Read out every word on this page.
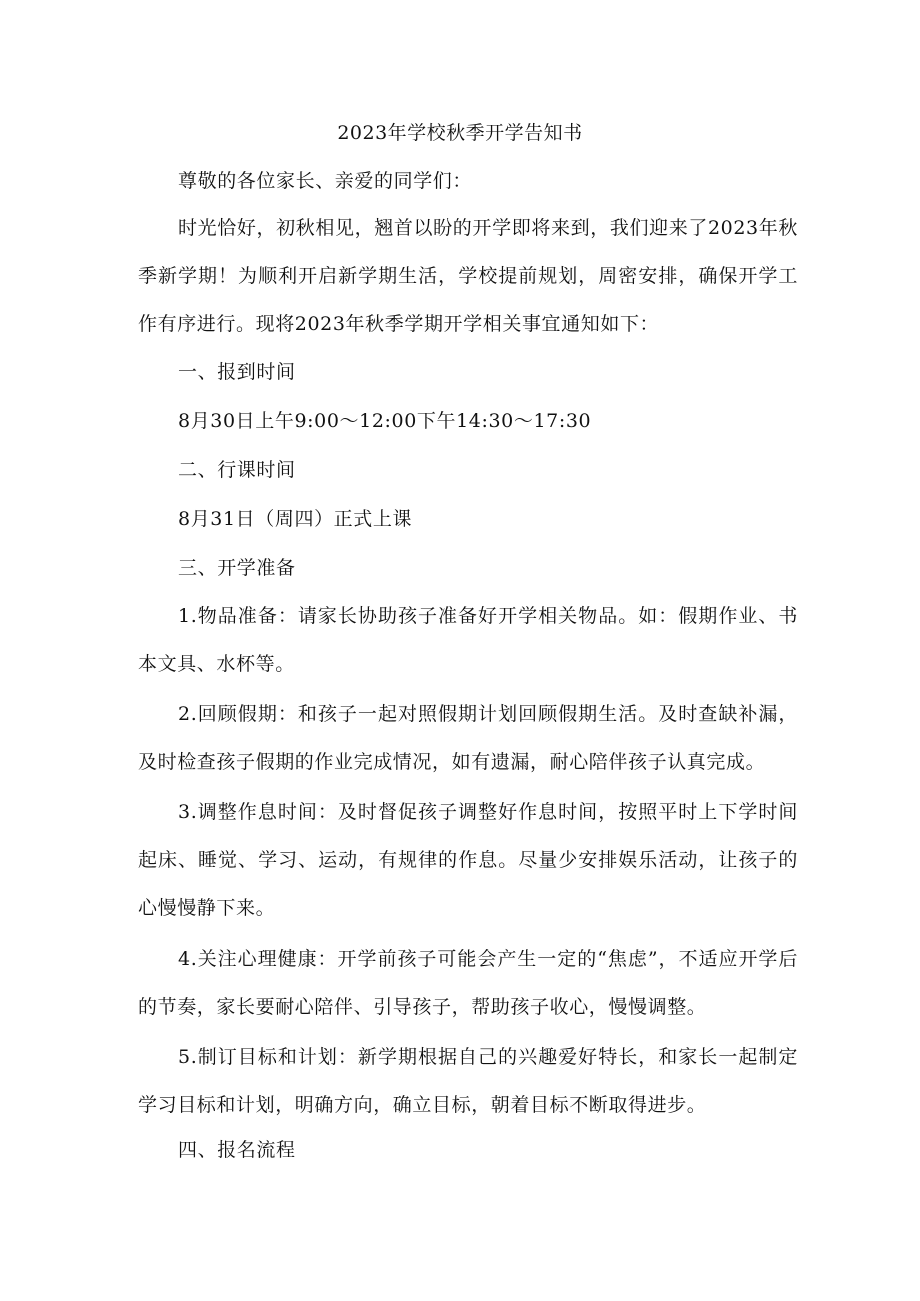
2023年学校秋季开学告知书
尊敬的各位家长、亲爱的同学们：

时光恰好，初秋相见，翘首以盼的开学即将来到，我们迎来了2023年秋季新学期！为顺利开启新学期生活，学校提前规划，周密安排，确保开学工作有序进行。现将2023年秋季学期开学相关事宜通知如下：

一、报到时间
8月30日上午9:00～12:00下午14:30～17:30
二、行课时间
8月31日（周四）正式上课
三、开学准备

1.物品准备：请家长协助孩子准备好开学相关物品。如：假期作业、书本文具、水杯等。

2.回顾假期：和孩子一起对照假期计划回顾假期生活。及时查缺补漏，及时检查孩子假期的作业完成情况，如有遗漏，耐心陪伴孩子认真完成。

3.调整作息时间：及时督促孩子调整好作息时间，按照平时上下学时间起床、睡觉、学习、运动，有规律的作息。尽量少安排娱乐活动，让孩子的心慢慢静下来。

4.关注心理健康：开学前孩子可能会产生一定的“焦虑”，不适应开学后的节奏，家长要耐心陪伴、引导孩子，帮助孩子收心，慢慢调整。

5.制订目标和计划：新学期根据自己的兴趣爱好特长，和家长一起制定学习目标和计划，明确方向，确立目标，朝着目标不断取得进步。

四、报名流程
